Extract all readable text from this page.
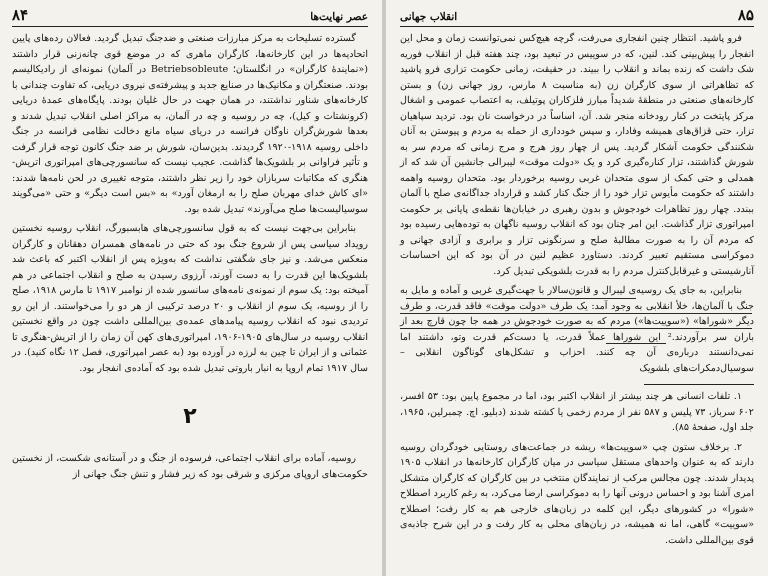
عصر نهایت‌ها
۸۴

گسترده تسلیحات به مرکز مبارزات صنعتی و ضدجنگ تبدیل گردید. فعالان رده‌های پایین اتحادیه‌ها در این کارخانه‌ها، کارگران ماهری که در موضع قوی چانه‌زنی قرار داشتند («نمایندهٔ کارگران» در انگلستان؛ Betriebsobleute در آلمان) نمونه‌ای از رادیکالیسم بودند. صنعتگران و مکانیک‌ها در صنایع جدید و پیشرفته‌ی نیروی دریایی، که تفاوت چندانی با کارخانه‌های شناور نداشتند، در همان جهت در حال غلیان بودند. پایگاه‌های عمدهٔ دریایی (کرونشتات و کیل)، چه در روسیه و چه در آلمان، به مراکز اصلی انقلاب تبدیل شدند و بعدها شورش‌گران ناوگان فرانسه در دریای سیاه مانع دخالت نظامی فرانسه در جنگ داخلی روسیه ۱۹۱۸-۱۹۲۰ گردیدند. بدین‌سان، شورش بر ضد جنگ کانون توجه قرار گرفت و تأثیر فراوانی بر بلشویک‌ها گذاشت. عجیب نیست که سانسورچی‌های امپراتوری اتریش-هنگری که مکاتبات سربازان خود را زیر نظر داشتند، متوجه تغییری در لحن نامه‌ها شدند: «ای کاش خدای مهربان صلح را به ارمغان آورد» به «بس است دیگر» و حتی «می‌گویند سوسیالیست‌ها صلح می‌آورند» تبدیل شده بود.

بنابراین بی‌جهت نیست که به قول سانسورچی‌های هابسبورگ، انقلاب روسیه نخستین رویداد سیاسی پس از شروع جنگ بود که حتی در نامه‌های همسران دهقانان و کارگران منعکس می‌شد. و نیز جای شگفتی نداشت که به‌ویژه پس از انقلاب اکتبر که باعث شد بلشویک‌ها این قدرت را به دست آورند، آرزوی رسیدن به صلح و انقلاب اجتماعی در هم آمیخته بود: یک سوم از نمونه‌ی نامه‌های سانسور شده از نوامبر ۱۹۱۷ تا مارس ۱۹۱۸، صلح را از روسیه، یک سوم از انقلاب و ۲۰ درصد ترکیبی از هر دو را می‌خواستند. از این رو تردیدی نبود که انقلاب روسیه پیامدهای عمده‌ی بین‌المللی داشت چون در واقع نخستین انقلاب روسیه در سال‌های ۱۹۰۵-۱۹۰۶، امپراتوری‌های کهن آن زمان را از اتریش-هنگری تا عثمانی و از ایران تا چین به لرزه در آورده بود (به عصر امپراتوری، فصل ۱۲ نگاه کنید). در سال ۱۹۱۷ تمام اروپا به انبار باروتی تبدیل شده بود که آماده‌ی انفجار بود.

۲

روسیه، آماده برای انقلاب اجتماعی، فرسوده از جنگ و در آستانه‌ی شکست، از نخستین حکومت‌های اروپای مرکزی و شرقی بود که زیر فشار و تنش جنگ جهانی از

۸۵
انقلاب جهانی

فرو پاشید. انتظار چنین انفجاری می‌رفت، گرچه هیچ‌کس نمی‌توانست زمان و محل این انفجار را پیش‌بینی کند. لنین، که در سوییس در تبعید بود، چند هفته قبل از انقلاب فوریه شک داشت که زنده بماند و انقلاب را ببیند. در حقیقت، زمانی حکومت تزاری فرو پاشید که تظاهراتی از سوی کارگران زن (به مناسبت ۸ مارس، روز جهانی زن) و بستن کارخانه‌های صنعتی در منطقهٔ شدیداً مبارز فلزکاران پوتیلف، به اعتصاب عمومی و اشغال مرکز پایتخت در کنار رودخانه منجر شد. آن، اساساً در درخواست نان بود. تردید سپاهیان تزار، حتی قزاق‌های همیشه وفادار، و سپس خودداری از حمله به مردم و پیوستن به آنان شکنندگی حکومت آشکار گردید. پس از چهار روز هرج و مرج زمانی که مردم سر به شورش گذاشتند، تزار کناره‌گیری کرد و یک «دولت موقت» لیبرالی جانشین آن شد که از همدلی و حتی کمک از سوی متحدان غربی روسیه برخوردار بود. متحدان روسیه واهمه داشتند که حکومت مأیوس تزار خود را از جنگ کنار کشد و قرارداد جداگانه‌ی صلح با آلمان ببندد. چهار روز تظاهرات خودجوش و بدون رهبری در خیابان‌ها نقطه‌ی پایانی بر حکومت امپراتوری تزار گذاشت. این امر چنان بود که انقلاب روسیه ناگهان به توده‌هایی رسیده بود که مردم آن را به صورت مطالبهٔ صلح و سرنگونی تزار و برابری و آزادی جهانی و دموکراسی مستقیم تعبیر کردند. دستاورد عظیم لنین در آن بود که این احساسات آنارشیستی و غیرقابل‌کنترل مردم را به قدرت بلشویکی تبدیل کرد.

بنابراین، به جای یک روسیه‌ی لیبرال و قانون‌سالار با جهت‌گیری غربی و آماده و مایل به جنگ با آلمان‌ها، خلأ انقلابی به وجود آمد: یک طرف «دولت موقت» فاقد قدرت، و طرف دیگر «شوراها» («سوییت‌ها») مردم که به صورت خودجوش در همه جا چون قارچ بعد از باران سر برآوردند.² این شوراها عملاً قدرت، یا دست‌کم قدرت وتو، داشتند اما نمی‌دانستند درباره‌ی آن چه کنند. احزاب و تشکل‌های گوناگون انقلابی – سوسیال‌دمکرات‌های بلشویک

۱. تلفات انسانی هر چند بیشتر از انقلاب اکتبر بود، اما در مجموع پایین بود: ۵۳ افسر، ۶۰۲ سرباز، ۷۳ پلیس و ۵۸۷ نفر از مردم زخمی یا کشته شدند (دبلیو. اچ. چمبرلین، ۱۹۶۵، جلد اول، صفحهٔ ۸۵).

۲. برخلاف ستون چپ «سوییت‌ها» ریشه در جماعت‌های روستایی خودگردان روسیه دارند که به عنوان واحدهای مستقل سیاسی در میان کارگران کارخانه‌ها در انقلاب ۱۹۰۵ پدیدار شدند. چون مجالس مرکب از نمایندگان منتخب در بین کارگران که کارگران متشکل امری آشنا بود و احساس درونی آنها را به دموکراسی ارضا می‌کرد، به رغم کاربرد اصطلاح «شورا» در کشورهای دیگر، این کلمه در زبان‌های خارجی هم به کار رفت؛ اصطلاح «سوییت» گاهی، اما نه همیشه، در زبان‌های محلی به کار رفت و در این شرح جاذبه‌ی قوی بین‌المللی داشت.
